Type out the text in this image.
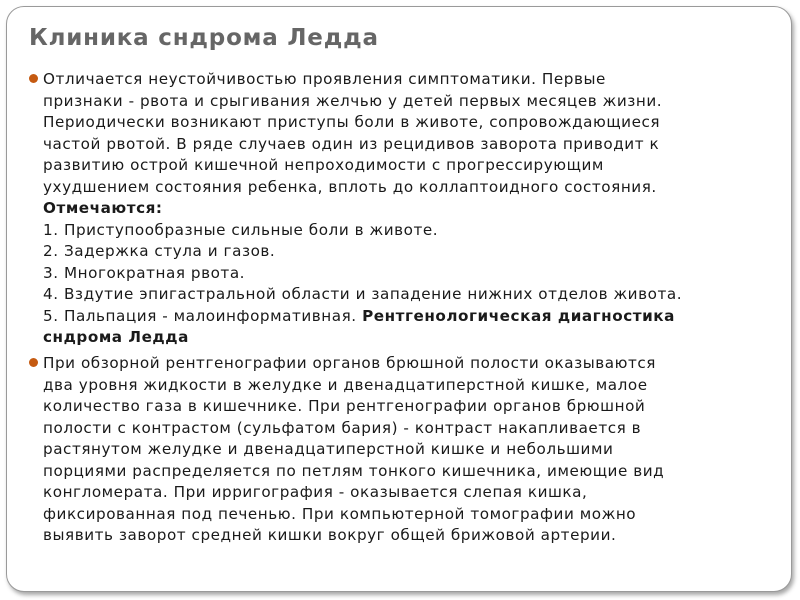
Клиника сндрома Ледда
Отличается неустойчивостью проявления симптоматики. Первые
признаки - рвота и срыгивания желчью у детей первых месяцев жизни.
Периодически возникают приступы боли в животе, сопровождающиеся
частой рвотой. В ряде случаев один из рецидивов заворота приводит к
развитию острой кишечной непроходимости с прогрессирующим
ухудшением состояния ребенка, вплоть до коллаптоидного состояния.
Отмечаются:
1. Приступообразные сильные боли в животе.
2. Задержка стула и газов.
3. Многократная рвота.
4. Вздутие эпигастральной области и западение нижних отделов живота.
5. Пальпация - малоинформативная. Рентгенологическая диагностика
сндрома Ледда
При обзорной рентгенографии органов брюшной полости оказываются
два уровня жидкости в желудке и двенадцатиперстной кишке, малое
количество газа в кишечнике. При рентгенографии органов брюшной
полости с контрастом (сульфатом бария) - контраст накапливается в
растянутом желудке и двенадцатиперстной кишке и небольшими
порциями распределяется по петлям тонкого кишечника, имеющие вид
конгломерата. При ирригография - оказывается слепая кишка,
фиксированная под печенью. При компьютерной томографии можно
выявить заворот средней кишки вокруг общей брижовой артерии.
